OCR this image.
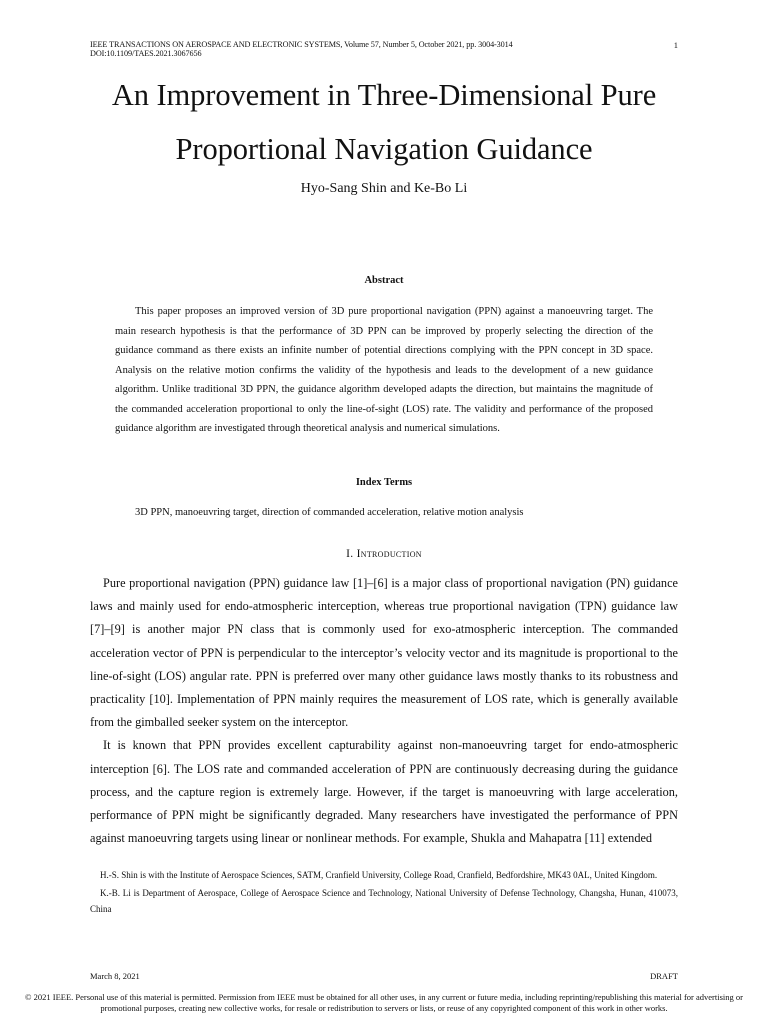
IEEE TRANSACTIONS ON AEROSPACE AND ELECTRONIC SYSTEMS, Volume 57, Number 5, October 2021, pp. 3004-3014
DOI:10.1109/TAES.2021.3067656
1
An Improvement in Three-Dimensional Pure
Proportional Navigation Guidance
Hyo-Sang Shin and Ke-Bo Li
Abstract
This paper proposes an improved version of 3D pure proportional navigation (PPN) against a manoeuvring target. The main research hypothesis is that the performance of 3D PPN can be improved by properly selecting the direction of the guidance command as there exists an infinite number of potential directions complying with the PPN concept in 3D space. Analysis on the relative motion confirms the validity of the hypothesis and leads to the development of a new guidance algorithm. Unlike traditional 3D PPN, the guidance algorithm developed adapts the direction, but maintains the magnitude of the commanded acceleration proportional to only the line-of-sight (LOS) rate. The validity and performance of the proposed guidance algorithm are investigated through theoretical analysis and numerical simulations.
Index Terms
3D PPN, manoeuvring target, direction of commanded acceleration, relative motion analysis
I. Introduction

Pure proportional navigation (PPN) guidance law [1]–[6] is a major class of proportional navigation (PN) guidance laws and mainly used for endo-atmospheric interception, whereas true proportional navigation (TPN) guidance law [7]–[9] is another major PN class that is commonly used for exo-atmospheric interception. The commanded acceleration vector of PPN is perpendicular to the interceptor’s velocity vector and its magnitude is proportional to the line-of-sight (LOS) angular rate. PPN is preferred over many other guidance laws mostly thanks to its robustness and practicality [10]. Implementation of PPN mainly requires the measurement of LOS rate, which is generally available from the gimballed seeker system on the interceptor.

It is known that PPN provides excellent capturability against non-manoeuvring target for endo-atmospheric interception [6]. The LOS rate and commanded acceleration of PPN are continuously decreasing during the guidance process, and the capture region is extremely large. However, if the target is manoeuvring with large acceleration, performance of PPN might be significantly degraded. Many researchers have investigated the performance of PPN against manoeuvring targets using linear or nonlinear methods. For example, Shukla and Mahapatra [11] extended

H.-S. Shin is with the Institute of Aerospace Sciences, SATM, Cranfield University, College Road, Cranfield, Bedfordshire, MK43 0AL, United Kingdom.

K.-B. Li is Department of Aerospace, College of Aerospace Science and Technology, National University of Defense Technology, Changsha, Hunan, 410073, China

March 8, 2021	DRAFT
© 2021 IEEE. Personal use of this material is permitted. Permission from IEEE must be obtained for all other uses, in any current or future media, including reprinting/republishing this material for advertising or promotional purposes, creating new collective works, for resale or redistribution to servers or lists, or reuse of any copyrighted component of this work in other works.
